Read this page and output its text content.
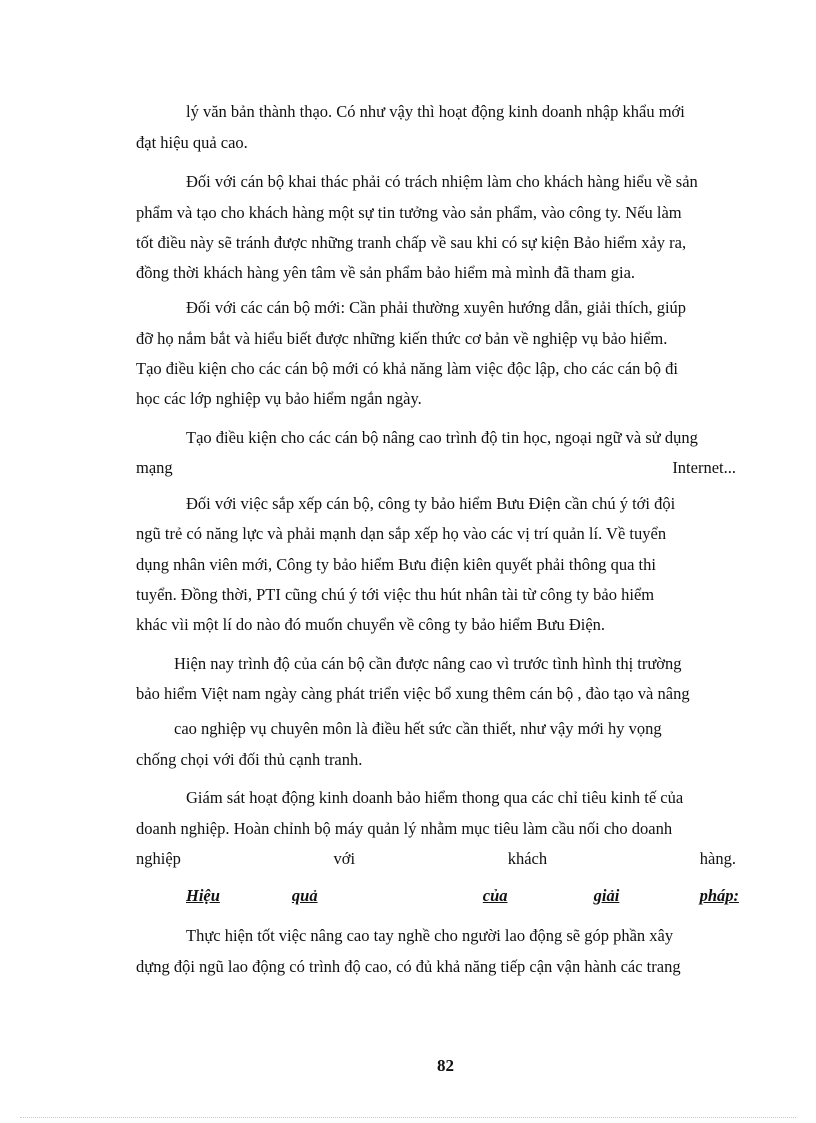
lý văn bản thành thạo. Có như vậy thì hoạt động kinh doanh nhập khẩu mới
đạt hiệu quả cao.
Đối với cán bộ khai thác phải có trách nhiệm làm cho khách hàng hiểu về sản
phẩm và tạo cho khách hàng một sự tin tưởng vào sản phẩm, vào công ty. Nếu làm
tốt điều này sẽ tránh được những tranh chấp về sau khi có sự kiện Bảo hiểm xảy ra,
đồng thời khách hàng yên tâm về sản phẩm bảo hiểm mà mình đã tham gia.
Đối với các cán bộ mới: Cần phải thường xuyên hướng dẫn, giải thích, giúp
đỡ họ nắm bắt và hiểu biết được những kiến thức cơ bản về nghiệp vụ bảo hiểm.
Tạo điều kiện cho các cán bộ mới có khả năng làm việc độc lập, cho các cán bộ đi
học các lớp nghiệp vụ bảo hiểm ngắn ngày.
Tạo điều kiện cho các cán bộ nâng cao trình độ tin học, ngoại ngữ và sử dụng
mạng	Internet...
Đối với việc sắp xếp cán bộ, công ty bảo hiểm Bưu Điện cần chú ý tới đội
ngũ trẻ có năng lực và phải mạnh dạn sắp xếp họ vào các vị trí quản lí. Về tuyển
dụng nhân viên mới, Công ty bảo hiểm Bưu điện kiên quyết phải thông qua thi
tuyển. Đồng thời, PTI cũng chú ý tới việc thu hút nhân tài từ công ty bảo hiểm
khác vìi một lí do nào đó muốn chuyển về công ty bảo hiểm Bưu Điện.
Hiện nay trình độ của cán bộ cần được nâng cao vì trước tình hình thị trường
bảo hiểm Việt nam ngày càng phát triển việc bổ xung thêm cán bộ , đào tạo và nâng
cao nghiệp vụ chuyên môn là điều hết sức cần thiết, như vậy mới hy vọng
chống chọi với đối thủ cạnh tranh.
Giám sát hoạt động kinh doanh bảo hiểm thong qua các chỉ tiêu kinh tế của
doanh nghiệp. Hoàn chỉnh bộ máy quản lý nhằm mục tiêu làm cầu nối cho doanh
nghiệp	với	khách	hàng.
Hiệu	quả	của	giải	pháp:
Thực hiện tốt việc nâng cao tay nghề cho người lao động sẽ góp phần xây
dựng đội ngũ lao động có trình độ cao, có đủ khả năng tiếp cận vận hành các trang
82
